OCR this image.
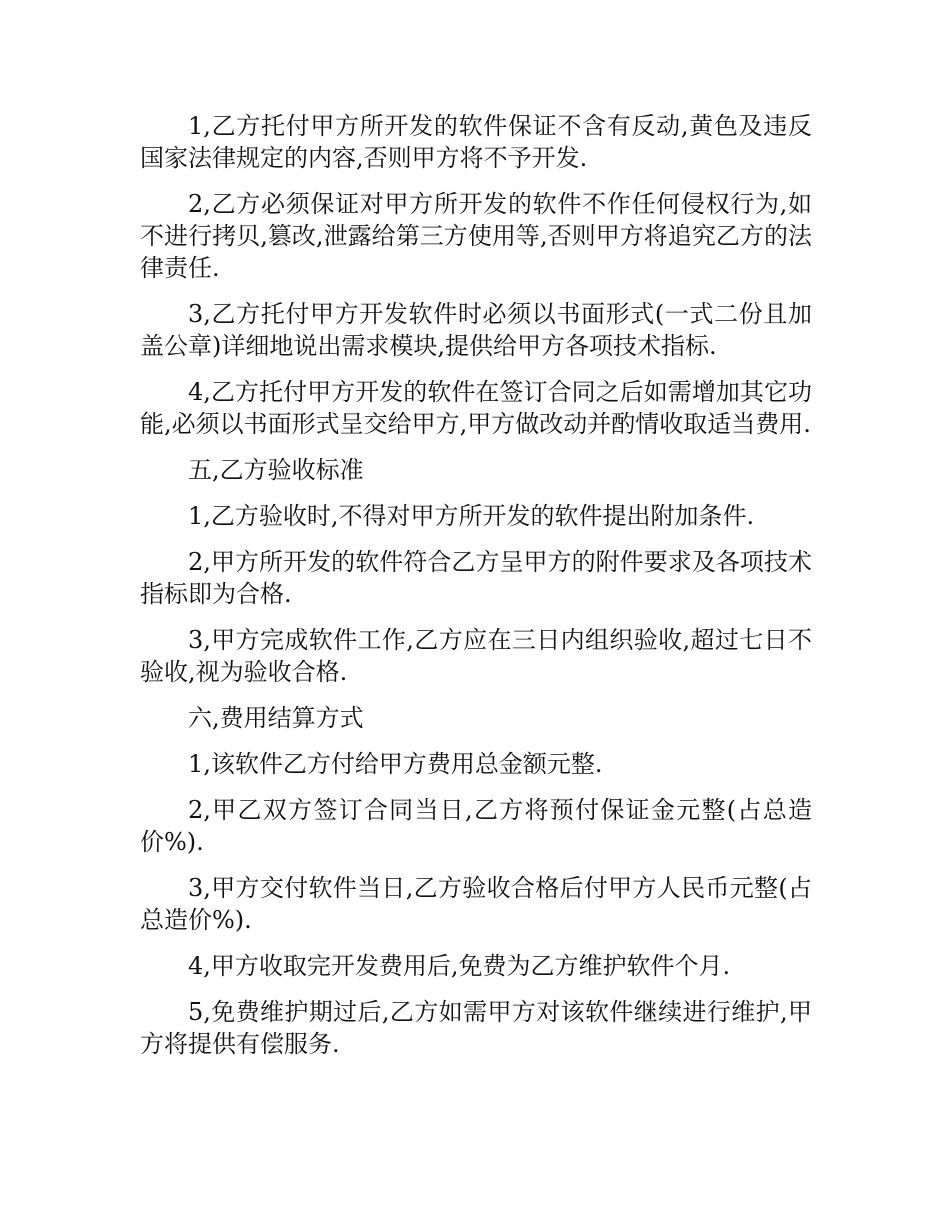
1,乙方托付甲方所开发的软件保证不含有反动,黄色及违反国家法律规定的内容,否则甲方将不予开发.

2,乙方必须保证对甲方所开发的软件不作任何侵权行为,如不进行拷贝,篡改,泄露给第三方使用等,否则甲方将追究乙方的法律责任.

3,乙方托付甲方开发软件时必须以书面形式(一式二份且加盖公章)详细地说出需求模块,提供给甲方各项技术指标.

4,乙方托付甲方开发的软件在签订合同之后如需增加其它功能,必须以书面形式呈交给甲方,甲方做改动并酌情收取适当费用.

五,乙方验收标准

1,乙方验收时,不得对甲方所开发的软件提出附加条件.

2,甲方所开发的软件符合乙方呈甲方的附件要求及各项技术指标即为合格.

3,甲方完成软件工作,乙方应在三日内组织验收,超过七日不验收,视为验收合格.

六,费用结算方式

1,该软件乙方付给甲方费用总金额元整.

2,甲乙双方签订合同当日,乙方将预付保证金元整(占总造价%).

3,甲方交付软件当日,乙方验收合格后付甲方人民币元整(占总造价%).

4,甲方收取完开发费用后,免费为乙方维护软件个月.

5,免费维护期过后,乙方如需甲方对该软件继续进行维护,甲方将提供有偿服务.
